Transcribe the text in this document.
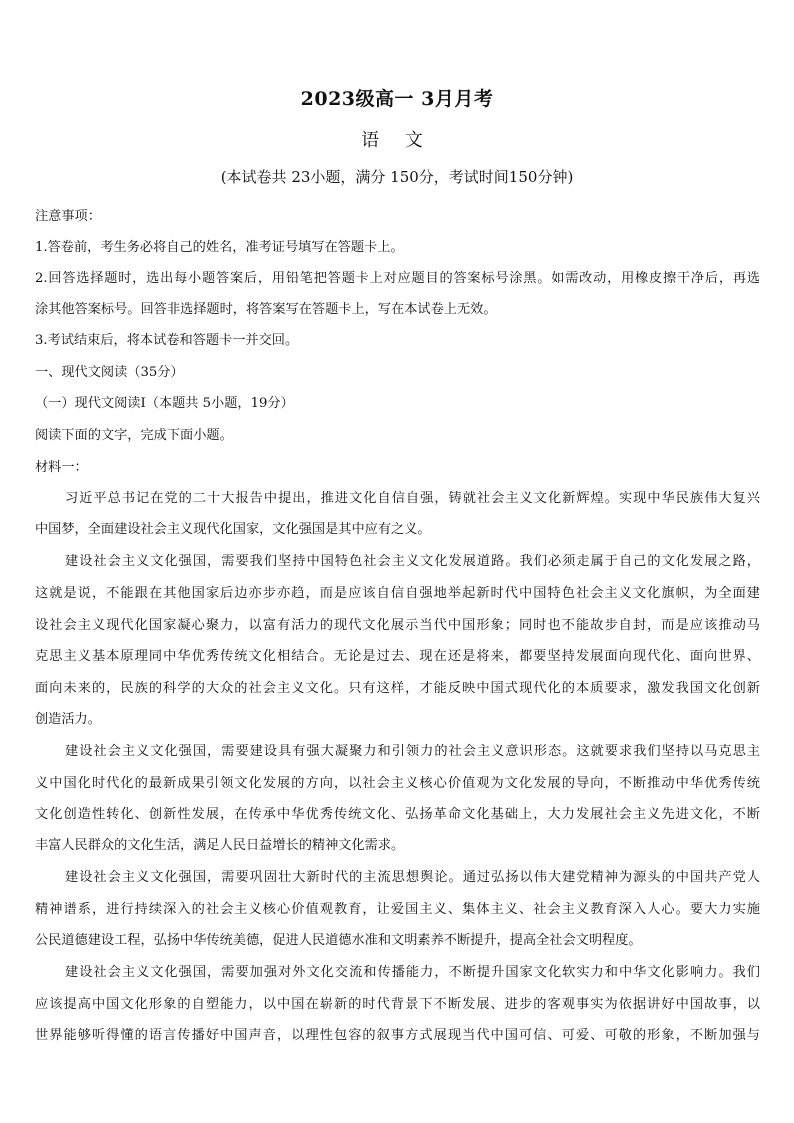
2023级高一 3月月考
语 文
(本试卷共 23小题，满分 150分，考试时间150分钟)
注意事项：
1.答卷前，考生务必将自己的姓名，准考证号填写在答题卡上。
2.回答选择题时，选出每小题答案后，用铅笔把答题卡上对应题目的答案标号涂黑。如需改动，用橡皮擦干净后，再选
涂其他答案标号。回答非选择题时，将答案写在答题卡上，写在本试卷上无效。
3.考试结束后，将本试卷和答题卡一并交回。
一、现代文阅读（35分）
（一）现代文阅读Ⅰ（本题共 5小题，19分）
阅读下面的文字，完成下面小题。
材料一：
习近平总书记在党的二十大报告中提出，推进文化自信自强，铸就社会主义文化新辉煌。实现中华民族伟大复兴
中国梦，全面建设社会主义现代化国家，文化强国是其中应有之义。
建设社会主义文化强国，需要我们坚持中国特色社会主义文化发展道路。我们必须走属于自己的文化发展之路，
这就是说，不能跟在其他国家后边亦步亦趋，而是应该自信自强地举起新时代中国特色社会主义文化旗帜，为全面建
设社会主义现代化国家凝心聚力，以富有活力的现代文化展示当代中国形象；同时也不能故步自封，而是应该推动马
克思主义基本原理同中华优秀传统文化相结合。无论是过去、现在还是将来，都要坚持发展面向现代化、面向世界、
面向未来的，民族的科学的大众的社会主义文化。只有这样，才能反映中国式现代化的本质要求，激发我国文化创新
创造活力。
建设社会主义文化强国，需要建设具有强大凝聚力和引领力的社会主义意识形态。这就要求我们坚持以马克思主
义中国化时代化的最新成果引领文化发展的方向，以社会主义核心价值观为文化发展的导向，不断推动中华优秀传统
文化创造性转化、创新性发展，在传承中华优秀传统文化、弘扬革命文化基础上，大力发展社会主义先进文化，不断
丰富人民群众的文化生活，满足人民日益增长的精神文化需求。
建设社会主义文化强国，需要巩固壮大新时代的主流思想舆论。通过弘扬以伟大建党精神为源头的中国共产党人
精神谱系，进行持续深入的社会主义核心价值观教育，让爱国主义、集体主义、社会主义教育深入人心。要大力实施
公民道德建设工程，弘扬中华传统美德，促进人民道德水准和文明素养不断提升，提高全社会文明程度。
建设社会主义文化强国，需要加强对外文化交流和传播能力，不断提升国家文化软实力和中华文化影响力。我们
应该提高中国文化形象的自塑能力，以中国在崭新的时代背景下不断发展、进步的客观事实为依据讲好中国故事，以
世界能够听得懂的语言传播好中国声音，以理性包容的叙事方式展现当代中国可信、可爱、可敬的形象，不断加强与
